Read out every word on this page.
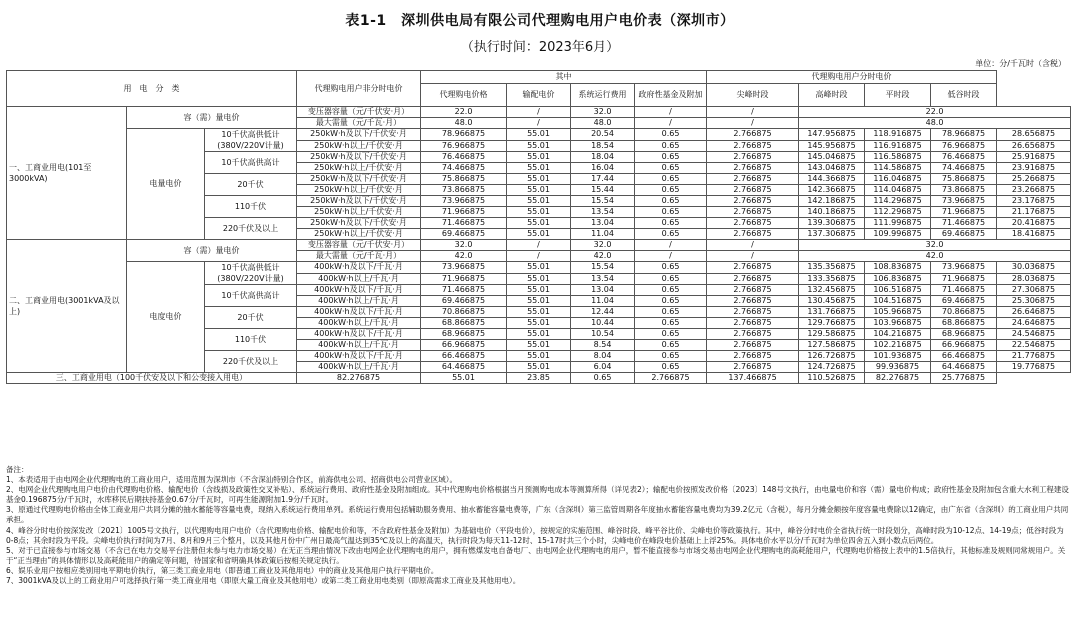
表1-1　深圳供电局有限公司代理购电用户电价表（深圳市）
（执行时间：2023年6月）
单位：分/千瓦时（含税）
用　电　分　类			代理购电用户非分时电价	其中				代理购电用户分时电价				
				代理购电价格	输配电价	系统运行费用	政府性基金及附加	尖峰时段	高峰时段	平时段	低谷时段	
一、工商业用电(101至3000kVA)	容（需）量电价		变压器容量（元/千伏安·月）	22.0	/	32.0	/	/	22.0			
			最大需量（元/千瓦·月）	48.0	/	48.0	/	/	48.0			
	电量电价	10千伏高供低计(380V/220V计量)	250kW·h及以下/千伏安·月	78.966875	55.01	20.54	0.65	2.766875	147.956875	118.916875	78.966875	28.656875
			250kW·h以上/千伏安·月	76.966875	55.01	18.54	0.65	2.766875	145.956875	116.916875	76.966875	26.656875
		10千伏高供高计	250kW·h及以下/千伏安·月	76.466875	55.01	18.04	0.65	2.766875	145.046875	116.586875	76.466875	25.916875
			250kW·h以上/千伏安·月	74.466875	55.01	16.04	0.65	2.766875	143.046875	114.586875	74.466875	23.916875
		20千伏	250kW·h及以下/千伏安·月	75.866875	55.01	17.44	0.65	2.766875	144.366875	116.046875	75.866875	25.266875
			250kW·h以上/千伏安·月	73.866875	55.01	15.44	0.65	2.766875	142.366875	114.046875	73.866875	23.266875
		110千伏	250kW·h及以下/千伏安·月	73.966875	55.01	15.54	0.65	2.766875	142.186875	114.296875	73.966875	23.176875
			250kW·h以上/千伏安·月	71.966875	55.01	13.54	0.65	2.766875	140.186875	112.296875	71.966875	21.176875
		220千伏及以上	250kW·h及以下/千伏安·月	71.466875	55.01	13.04	0.65	2.766875	139.306875	111.996875	71.466875	20.416875
			250kW·h以上/千伏安·月	69.466875	55.01	11.04	0.65	2.766875	137.306875	109.996875	69.466875	18.416875
二、工商业用电(3001kVA及以上)	容（需）量电价		变压器容量（元/千伏安·月）	32.0	/	32.0	/	/	32.0			
			最大需量（元/千瓦·月）	42.0	/	42.0	/	/	42.0			
	电度电价	10千伏高供低计(380V/220V计量)	400kW·h及以下/千瓦·月	73.966875	55.01	15.54	0.65	2.766875	135.356875	108.836875	73.966875	30.036875
			400kW·h以上/千瓦·月	71.966875	55.01	13.54	0.65	2.766875	133.356875	106.836875	71.966875	28.036875
		10千伏高供高计	400kW·h及以下/千瓦·月	71.466875	55.01	13.04	0.65	2.766875	132.456875	106.516875	71.466875	27.306875
			400kW·h以上/千瓦·月	69.466875	55.01	11.04	0.65	2.766875	130.456875	104.516875	69.466875	25.306875
		20千伏	400kW·h及以下/千瓦·月	70.866875	55.01	12.44	0.65	2.766875	131.766875	105.966875	70.866875	26.646875
			400kW·h以上/千瓦·月	68.866875	55.01	10.44	0.65	2.766875	129.766875	103.966875	68.866875	24.646875
		110千伏	400kW·h及以下/千瓦·月	68.966875	55.01	10.54	0.65	2.766875	129.586875	104.216875	68.966875	24.546875
			400kW·h以上/千瓦·月	66.966875	55.01	8.54	0.65	2.766875	127.586875	102.216875	66.966875	22.546875
		220千伏及以上	400kW·h及以下/千瓦·月	66.466875	55.01	8.04	0.65	2.766875	126.726875	101.936875	66.466875	21.776875
			400kW·h以上/千瓦·月	64.466875	55.01	6.04	0.65	2.766875	124.726875	99.936875	64.466875	19.776875
三、工商业用电（100千伏安及以下和公变接入用电）			82.276875	55.01	23.85	0.65	2.766875	137.466875	110.526875	82.276875	25.776875	
备注：
1、本表适用于由电网企业代理购电的工商业用户，适用范围为深圳市（不含深汕特别合作区，前海供电公司、招商供电公司营业区域）。
2、电网企业代理购电用户电价由代理购电价格、输配电价（含线损及政策性交叉补贴）、系统运行费用、政府性基金及附加组成。其中代理购电价格根据当月预测购电成本等测算所得（详见表2）；输配电价按照发改价格〔2023〕148号文执行，由电量电价和容（需）量电价构成；政府性基金及附加包含重大水利工程建设基金0.196875分/千瓦时，水库移民后期扶持基金0.67分/千瓦时，可再生能源附加1.9分/千瓦时。
3、原通过代理购电价格由全体工商业用户共同分摊的抽水蓄能等容量电费，现纳入系统运行费用单列。系统运行费用包括辅助服务费用、抽水蓄能容量电费等，广东（含深圳）第三监管周期各年度抽水蓄能容量电费均为39.2亿元（含税），每月分摊金额按年度容量电费除以12确定，由广东省（含深圳）的工商业用户共同承担。
4、峰谷分时电价按深发改〔2021〕1005号文执行，以代理购电用户电价（含代理购电价格、输配电价和等，不含政府性基金及附加）为基础电价（平段电价），按规定的实施范围、峰谷时段、峰平谷比价、尖峰电价等政策执行。其中，峰谷分时电价全省执行统一时段划分，高峰时段为10-12点、14-19点；低谷时段为0-8点；其余时段为平段。尖峰电价执行时间为7月、8月和9月三个整月，以及其他月份中广州日最高气温达到35℃及以上的高温天，执行时段为每天11-12时、15-17时共三个小时，尖峰电价在峰段电价基础上上浮25%。具体电价水平以分/千瓦时为单位四舍五入到小数点后两位。
5、对于已直接参与市场交易（不含已在电力交易平台注册但未参与电力市场交易）在无正当理由情况下改由电网企业代理购电的用户，拥有燃煤发电自备电厂、由电网企业代理购电的用户，暂不能直接参与市场交易由电网企业代理购电的高耗能用户，代理购电价格按上表中的1.5倍执行，其他标准及规则同常规用户。关于“正当理由”的具体情形以及高耗能用户的确定等问题，待国家和省明确具体政策后按相关规定执行。
6、娱乐业用户按相应类别用电平期电价执行，第三类工商业用电（即普通工商业及其他用电）中的商业及其他用户执行平期电价。
7、3001kVA及以上的工商业用户可选择执行第一类工商业用电（即原大量工商业及其他用电）或第二类工商业用电类别（即原高需求工商业及其他用电）。
